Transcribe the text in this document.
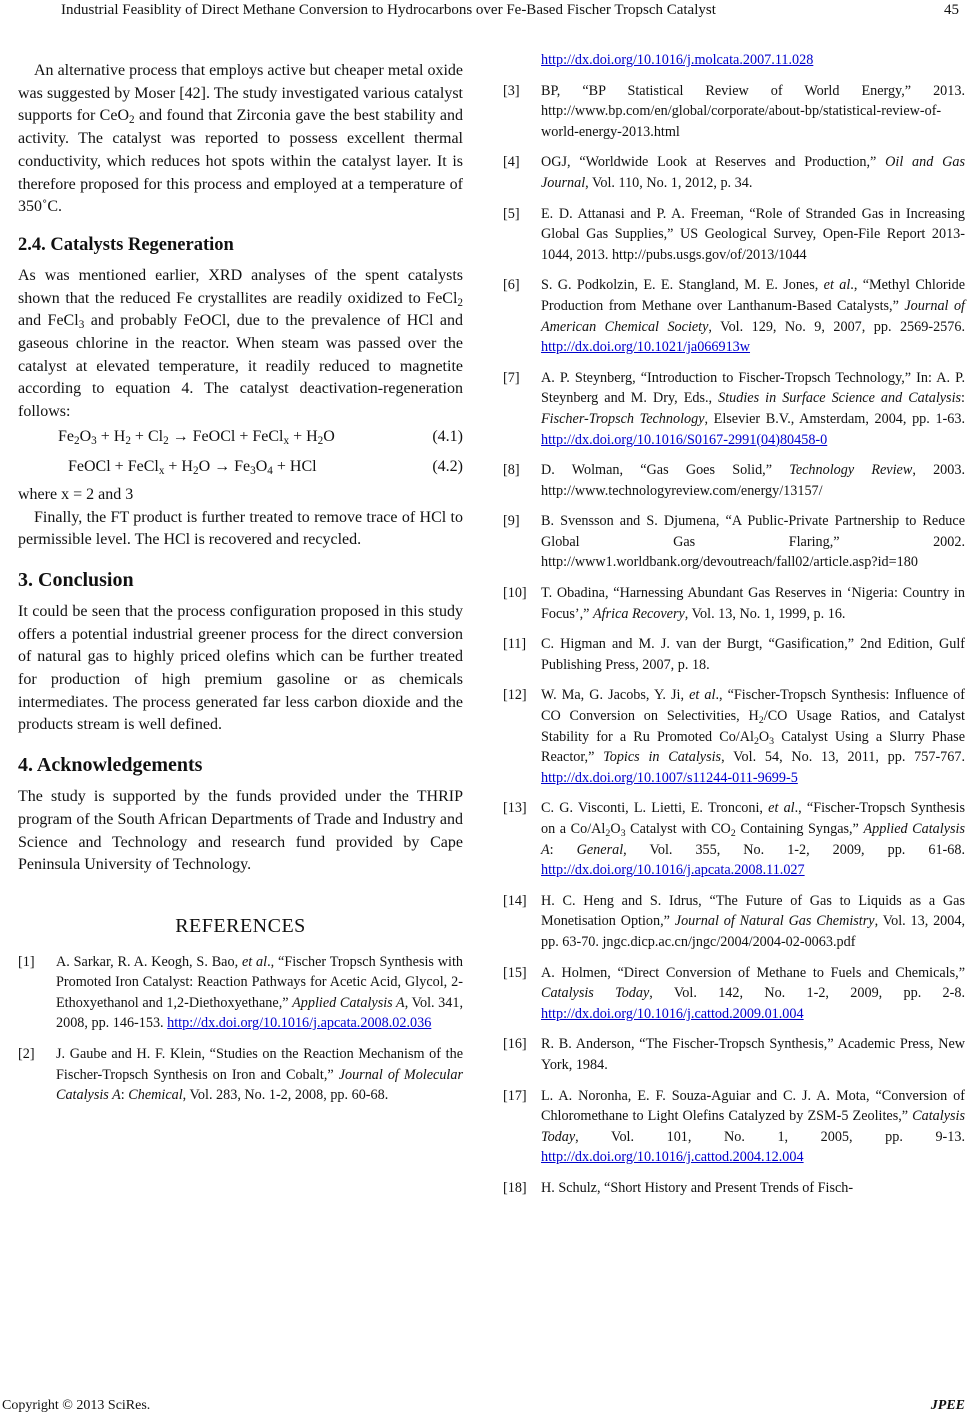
Industrial Feasiblity of Direct Methane Conversion to Hydrocarbons over Fe-Based Fischer Tropsch Catalyst	45

An alternative process that employs active but cheaper metal oxide was suggested by Moser [42]. The study investigated various catalyst supports for CeO$_2$ and found that Zirconia gave the best stability and activity. The catalyst was reported to possess excellent thermal conductivity, which reduces hot spots within the catalyst layer. It is therefore proposed for this process and employed at a temperature of 350˚C.

2.4. Catalysts Regeneration

As was mentioned earlier, XRD analyses of the spent catalysts shown that the reduced Fe crystallites are readily oxidized to FeCl$_2$ and FeCl$_3$ and probably FeOCl, due to the prevalence of HCl and gaseous chlorine in the reactor. When steam was passed over the catalyst at elevated temperature, it readily reduced to magnetite according to equation 4. The catalyst deactivation-regeneration follows:

$Fe_2O_3 + H_2 + Cl_2$ → FeOCl + FeCl$_x$ + $H_2O$	(4.1)
FeOCl + FeCl$_x$ + $H_2O \to Fe_3O_4$ + HCl	(4.2)

where x = 2 and 3

Finally, the FT product is further treated to remove trace of HCl to permissible level. The HCl is recovered and recycled.

3. Conclusion

It could be seen that the process configuration proposed in this study offers a potential industrial greener process for the direct conversion of natural gas to highly priced olefins which can be further treated for production of high premium gasoline or as chemicals intermediates. The process generated far less carbon dioxide and the products stream is well defined.

4. Acknowledgements

The study is supported by the funds provided under the THRIP program of the South African Departments of Trade and Industry and Science and Technology and research fund provided by Cape Peninsula University of Technology.

REFERENCES
[1]	A. Sarkar, R. A. Keogh, S. Bao, et al., “Fischer Tropsch Synthesis with Promoted Iron Catalyst: Reaction Pathways for Acetic Acid, Glycol, 2-Ethoxyethanol and 1,2-Diethoxyethane,” Applied Catalysis A, Vol. 341, 2008, pp. 146-153. http://dx.doi.org/10.1016/j.apcata.2008.02.036
[2]	J. Gaube and H. F. Klein, “Studies on the Reaction Mechanism of the Fischer-Tropsch Synthesis on Iron and Cobalt,” Journal of Molecular Catalysis A: Chemical, Vol. 283, No. 1-2, 2008, pp. 60-68.
http://dx.doi.org/10.1016/j.molcata.2007.11.028
[3]	BP, “BP Statistical Review of World Energy,” 2013. http://www.bp.com/en/global/corporate/about-bp/statistical-review-of-world-energy-2013.html
[4]	OGJ, “Worldwide Look at Reserves and Production,” Oil and Gas Journal, Vol. 110, No. 1, 2012, p. 34.
[5]	E. D. Attanasi and P. A. Freeman, “Role of Stranded Gas in Increasing Global Gas Supplies,” US Geological Survey, Open-File Report 2013-1044, 2013. http://pubs.usgs.gov/of/2013/1044
[6]	S. G. Podkolzin, E. E. Stangland, M. E. Jones, et al., “Methyl Chloride Production from Methane over Lanthanum-Based Catalysts,” Journal of American Chemical Society, Vol. 129, No. 9, 2007, pp. 2569-2576. http://dx.doi.org/10.1021/ja066913w
[7]	A. P. Steynberg, “Introduction to Fischer-Tropsch Technology,” In: A. P. Steynberg and M. Dry, Eds., Studies in Surface Science and Catalysis: Fischer-Tropsch Technology, Elsevier B.V., Amsterdam, 2004, pp. 1-63. http://dx.doi.org/10.1016/S0167-2991(04)80458-0
[8]	D. Wolman, “Gas Goes Solid,” Technology Review, 2003. http://www.technologyreview.com/energy/13157/
[9]	B. Svensson and S. Djumena, “A Public-Private Partnership to Reduce Global Gas Flaring,” 2002. http://www1.worldbank.org/devoutreach/fall02/article.asp?id=180
[10]	T. Obadina, “Harnessing Abundant Gas Reserves in ‘Nigeria: Country in Focus’,” Africa Recovery, Vol. 13, No. 1, 1999, p. 16.
[11]	C. Higman and M. J. van der Burgt, “Gasification,” 2nd Edition, Gulf Publishing Press, 2007, p. 18.
[12]	W. Ma, G. Jacobs, Y. Ji, et al., “Fischer-Tropsch Synthesis: Influence of CO Conversion on Selectivities, $H_2/CO$ Usage Ratios, and Catalyst Stability for a Ru Promoted $Co/Al_2O_3$ Catalyst Using a Slurry Phase Reactor,” Topics in Catalysis, Vol. 54, No. 13, 2011, pp. 757-767. http://dx.doi.org/10.1007/s11244-011-9699-5
[13]	C. G. Visconti, L. Lietti, E. Tronconi, et al., “Fischer-Tropsch Synthesis on a $Co/Al_2O_3$ Catalyst with $CO_2$ Containing Syngas,” Applied Catalysis A: General, Vol. 355, No. 1-2, 2009, pp. 61-68. http://dx.doi.org/10.1016/j.apcata.2008.11.027
[14]	H. C. Heng and S. Idrus, “The Future of Gas to Liquids as a Gas Monetisation Option,” Journal of Natural Gas Chemistry, Vol. 13, 2004, pp. 63-70. jngc.dicp.ac.cn/jngc/2004/2004-02-0063.pdf
[15]	A. Holmen, “Direct Conversion of Methane to Fuels and Chemicals,” Catalysis Today, Vol. 142, No. 1-2, 2009, pp. 2-8. http://dx.doi.org/10.1016/j.cattod.2009.01.004
[16]	R. B. Anderson, “The Fischer-Tropsch Synthesis,” Academic Press, New York, 1984.
[17]	L. A. Noronha, E. F. Souza-Aguiar and C. J. A. Mota, “Conversion of Chloromethane to Light Olefins Catalyzed by ZSM-5 Zeolites,” Catalysis Today, Vol. 101, No. 1, 2005, pp. 9-13. http://dx.doi.org/10.1016/j.cattod.2004.12.004
[18]	H. Schulz, “Short History and Present Trends of Fisch-
Copyright © 2013 SciRes.	JPEE
